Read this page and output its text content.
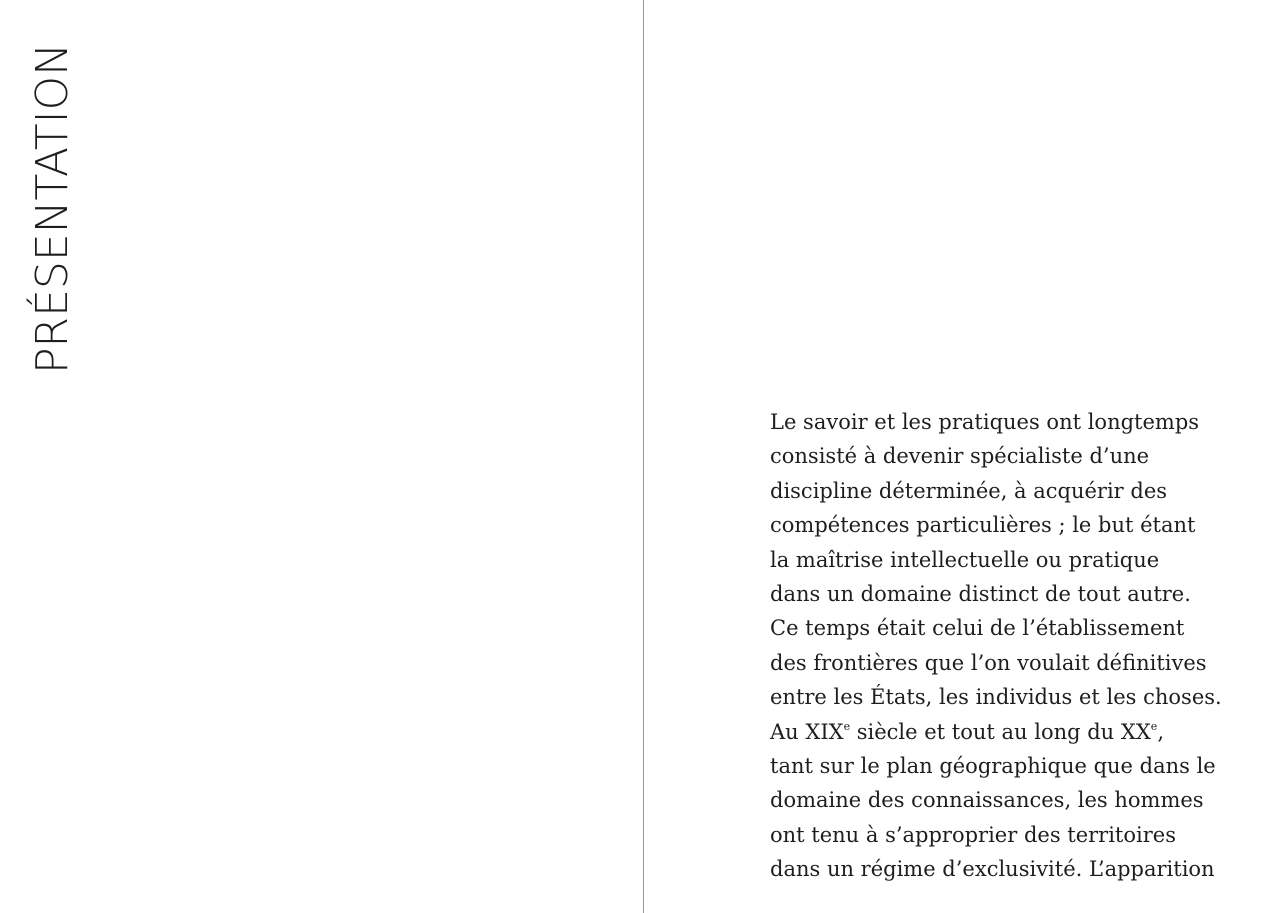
PRÉSENTATION
Le savoir et les pratiques ont longtemps
consisté à devenir spécialiste d’une
discipline déterminée, à acquérir des
compétences particulières ; le but étant
la maîtrise intellectuelle ou pratique
dans un domaine distinct de tout autre.
Ce temps était celui de l’établissement
des frontières que l’on voulait définitives
entre les États, les individus et les choses.
Au XIXe siècle et tout au long du XXe,
tant sur le plan géographique que dans le
domaine des connaissances, les hommes
ont tenu à s’approprier des territoires
dans un régime d’exclusivité. L’apparition
